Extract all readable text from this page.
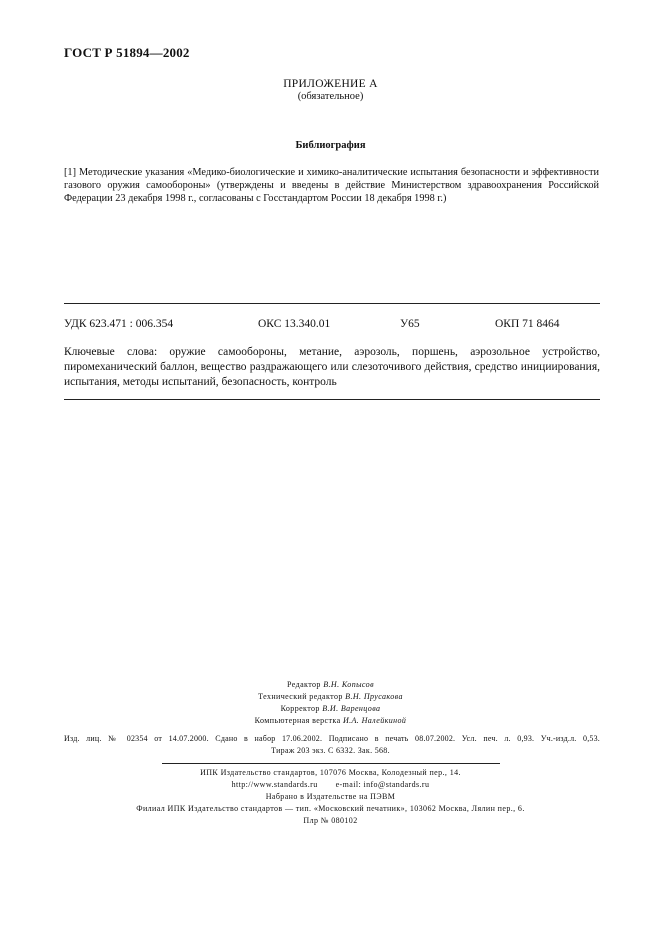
ГОСТ Р 51894—2002
ПРИЛОЖЕНИЕ А
(обязательное)
Библиография
[1] Методические указания «Медико-биологические и химико-аналитические испытания безопасности и эффективности газового оружия самообороны» (утверждены и введены в действие Министерством здравоохранения Российской Федерации 23 декабря 1998 г., согласованы с Госстандартом России 18 декабря 1998 г.)
УДК 623.471 : 006.354	ОКС 13.340.01	У65	ОКП 71 8464
Ключевые слова: оружие самообороны, метание, аэрозоль, поршень, аэрозольное устройство, пиромеханический баллон, вещество раздражающего или слезоточивого действия, средство инициирования, испытания, методы испытаний, безопасность, контроль
Редактор В.Н. Копысов
Технический редактор В.Н. Прусакова
Корректор В.И. Варенцова
Компьютерная верстка И.А. Налейкиной
Изд. лиц. № 02354 от 14.07.2000. Сдано в набор 17.06.2002. Подписано в печать 08.07.2002. Усл. печ. л. 0,93. Уч.-изд.л. 0,53.
Тираж 203 экз. С 6332. Зак. 568.
ИПК Издательство стандартов, 107076 Москва, Колодезный пер., 14.
http://www.standards.ru e-mail: info@standards.ru
Набрано в Издательстве на ПЭВМ
Филиал ИПК Издательство стандартов — тип. «Московский печатник», 103062 Москва, Лялин пер., 6.
Плр № 080102
